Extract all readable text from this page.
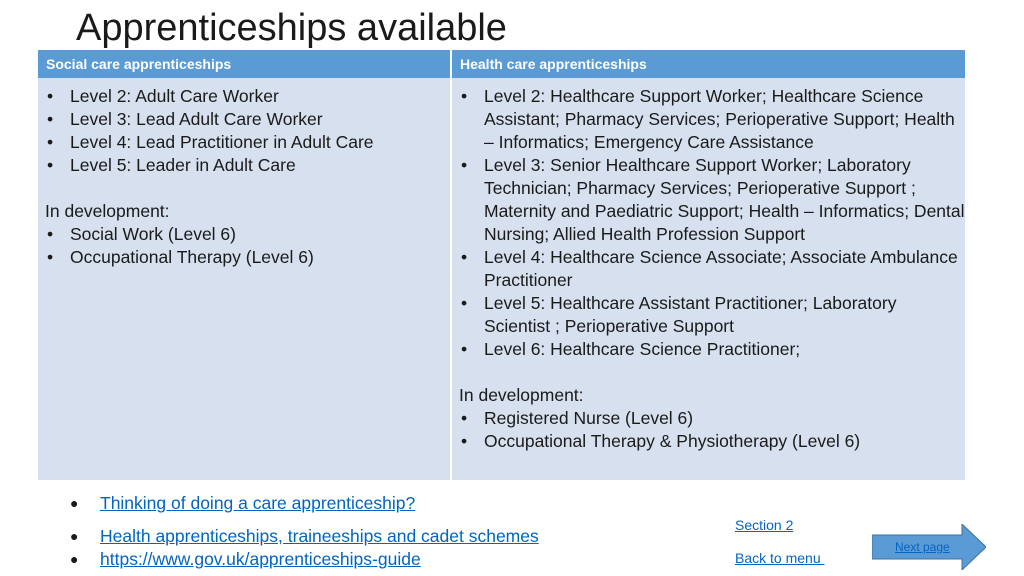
Apprenticeships available
Social care apprenticeships	Health care apprenticeships
• Level 2: Adult Care Worker
• Level 3: Lead Adult Care Worker
• Level 4: Lead Practitioner in Adult Care
• Level 5: Leader in Adult Care
In development:
• Social Work (Level 6)
• Occupational Therapy (Level 6)
• Level 2: Healthcare Support Worker; Healthcare Science Assistant; Pharmacy Services; Perioperative Support; Health – Informatics; Emergency Care Assistance
• Level 3: Senior Healthcare Support Worker; Laboratory Technician; Pharmacy Services; Perioperative Support ; Maternity and Paediatric Support; Health – Informatics; Dental Nursing; Allied Health Profession Support
• Level 4: Healthcare Science Associate; Associate Ambulance Practitioner
• Level 5: Healthcare Assistant Practitioner; Laboratory Scientist ; Perioperative Support
• Level 6: Healthcare Science Practitioner;
In development:
• Registered Nurse (Level 6)
• Occupational Therapy & Physiotherapy (Level 6)
● Thinking of doing a care apprenticeship?
● Health apprenticeships, traineeships and cadet schemes
● https://www.gov.uk/apprenticeships-guide
Section 2
Back to menu
Next page
